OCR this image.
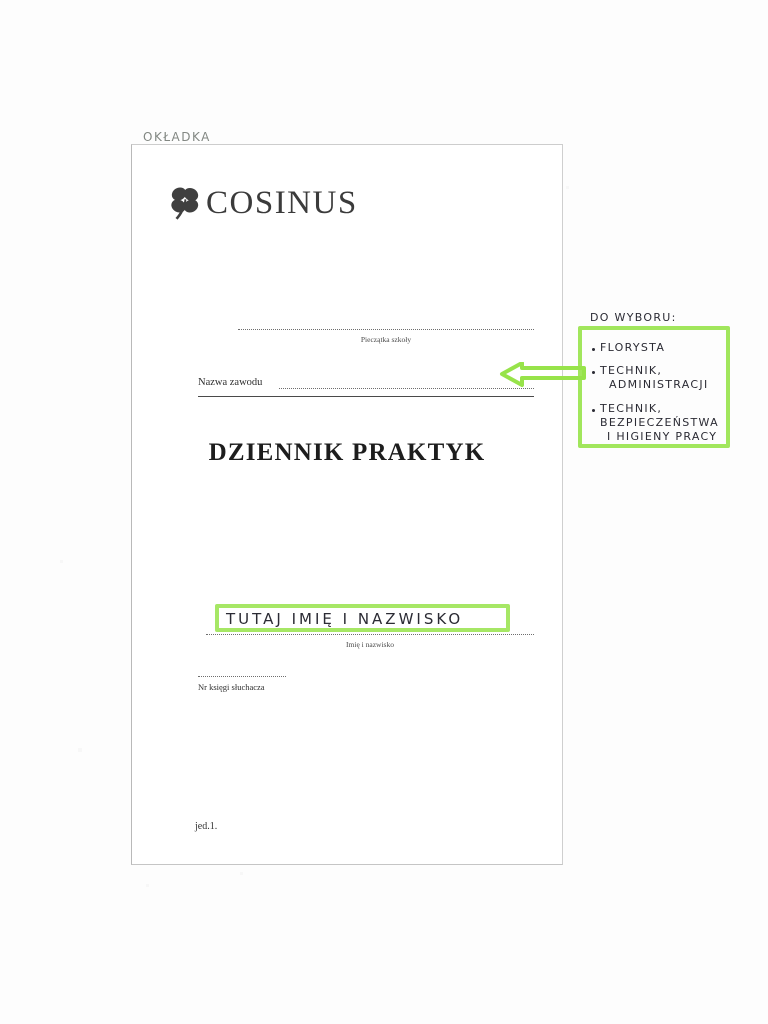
OKŁADKA
COSINUS
Pieczątka szkoły
Nazwa zawodu
DZIENNIK PRAKTYK
Imię i nazwisko
Nr księgi słuchacza
jed.1.
TUTAJ IMIĘ I NAZWISKO
DO WYBORU:
FLORYSTA
TECHNIK,
ADMINISTRACJI
TECHNIK,
BEZPIECZEŃSTWA
I HIGIENY PRACY
